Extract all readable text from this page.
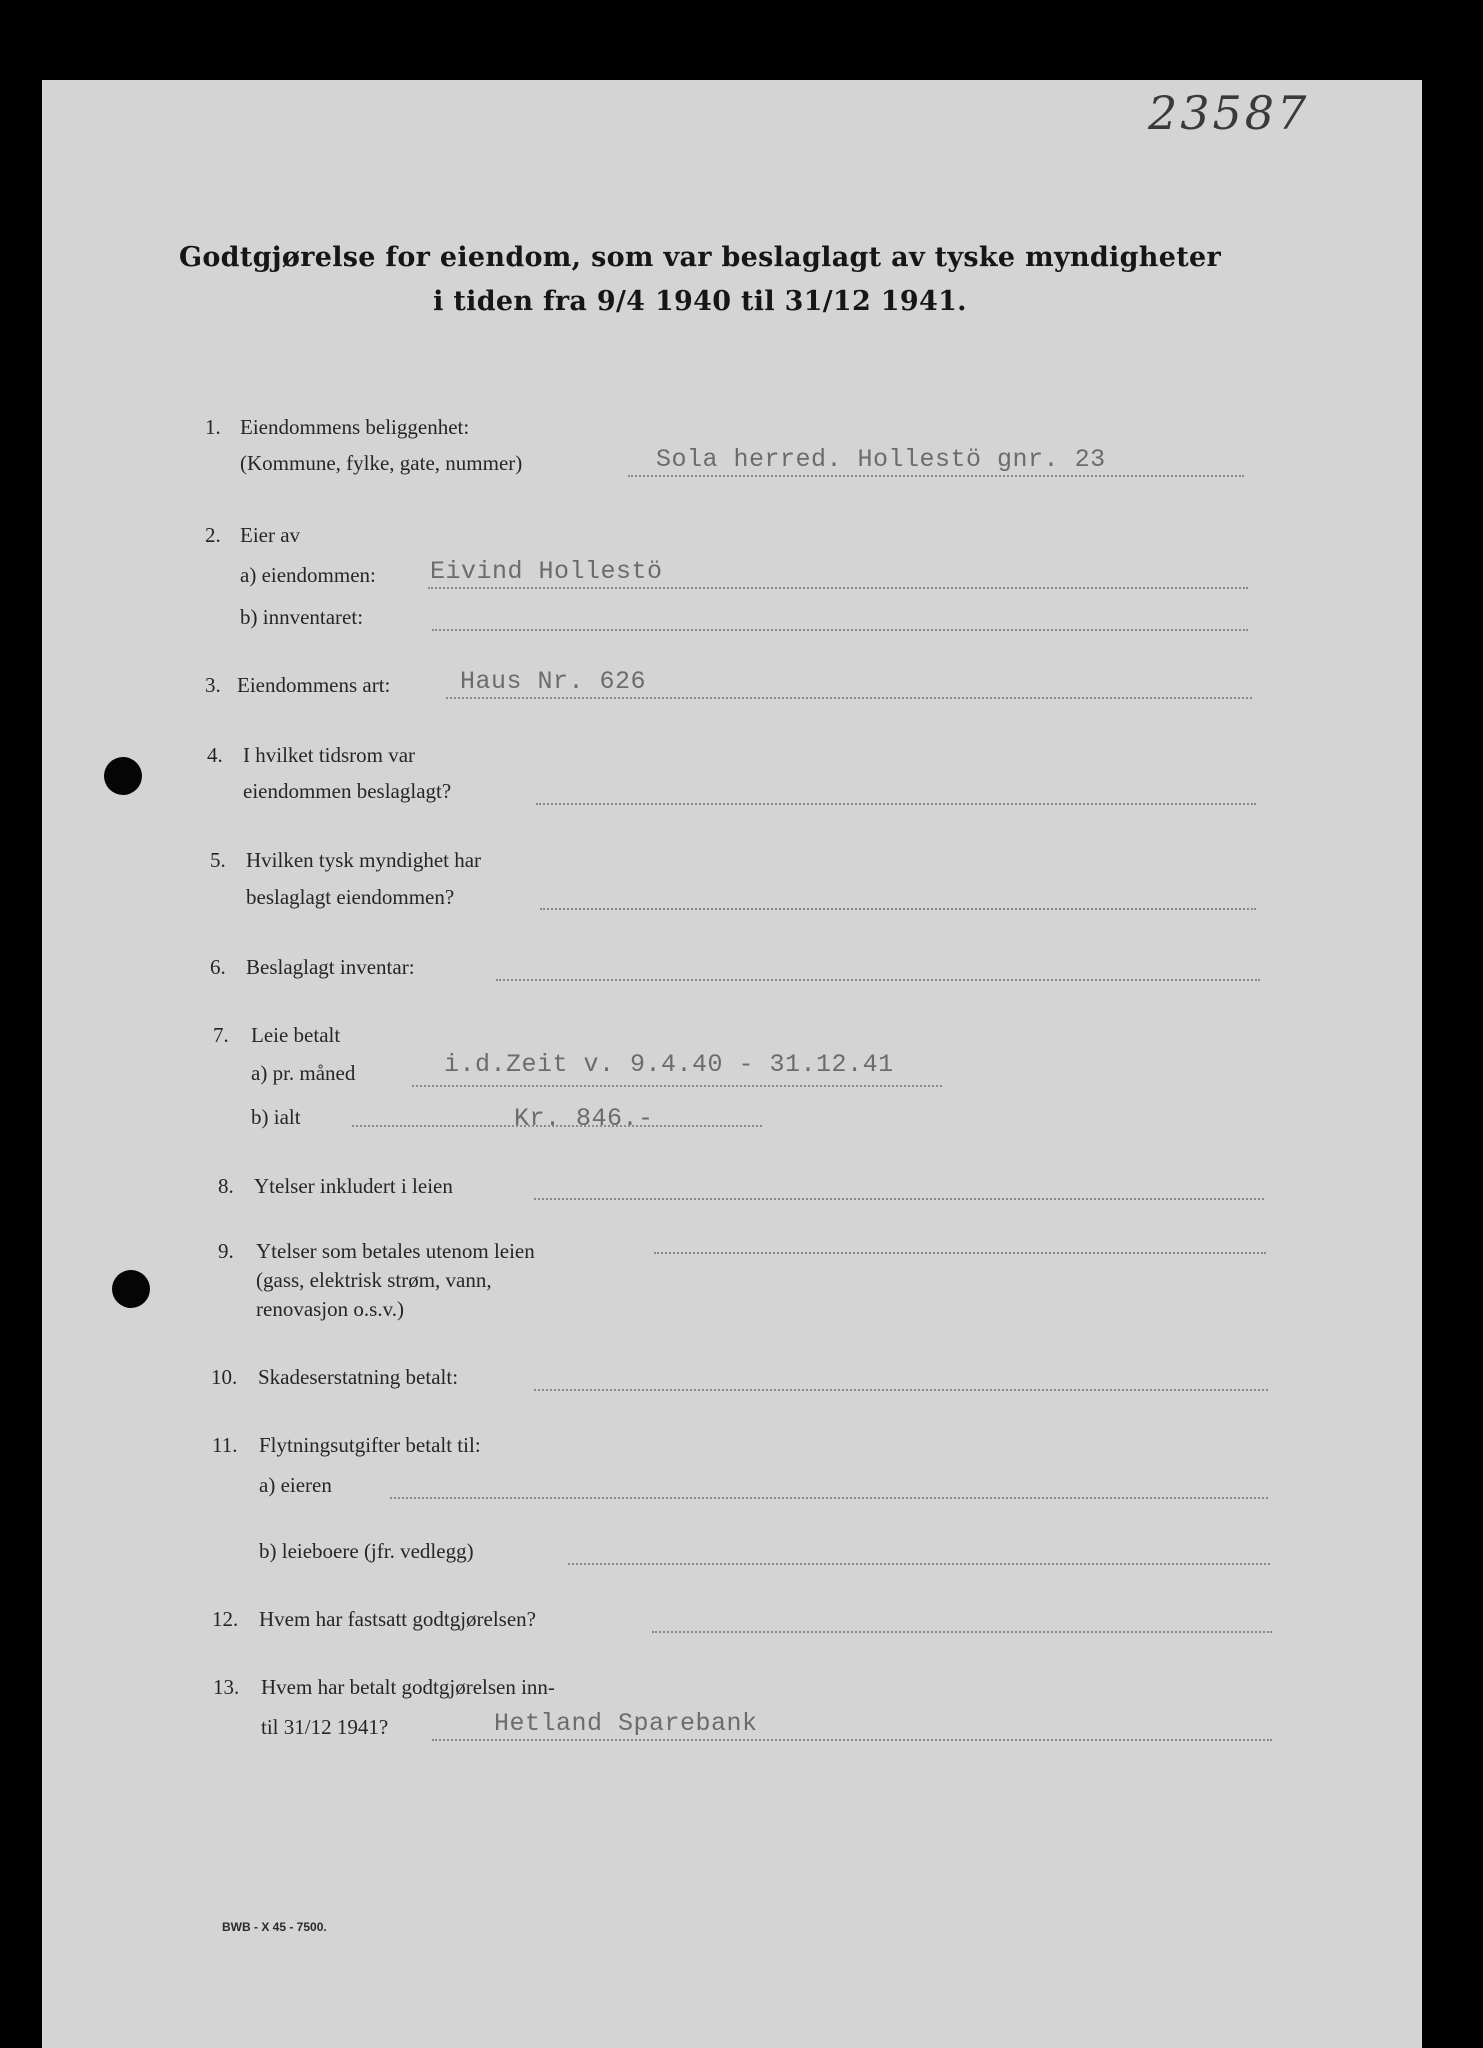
23587
Godtgjørelse for eiendom, som var beslaglagt av tyske myndigheter
i tiden fra 9/4 1940 til 31/12 1941.
1. Eiendommens beliggenhet:
(Kommune, fylke, gate, nummer)	Sola herred. Hollestö gnr. 23
2. Eier av
a) eiendommen: Eivind Hollestö
b) innventaret:
3. Eiendommens art:	Haus Nr. 626
4. I hvilket tidsrom var
eiendommen beslaglagt?
5. Hvilken tysk myndighet har
beslaglagt eiendommen?
6. Beslaglagt inventar:
7. Leie betalt
a) pr. måned	i.d.Zeit v. 9.4.40 - 31.12.41
b) ialt	Kr. 846.-
8. Ytelser inkludert i leien
9. Ytelser som betales utenom leien
(gass, elektrisk strøm, vann,
renovasjon o.s.v.)
10. Skadeserstatning betalt:
11. Flytningsutgifter betalt til:
a) eieren
b) leieboere (jfr. vedlegg)
12. Hvem har fastsatt godtgjørelsen?
13. Hvem har betalt godtgjørelsen inn-
til 31/12 1941?	Hetland Sparebank
BWB - X 45 - 7500.
